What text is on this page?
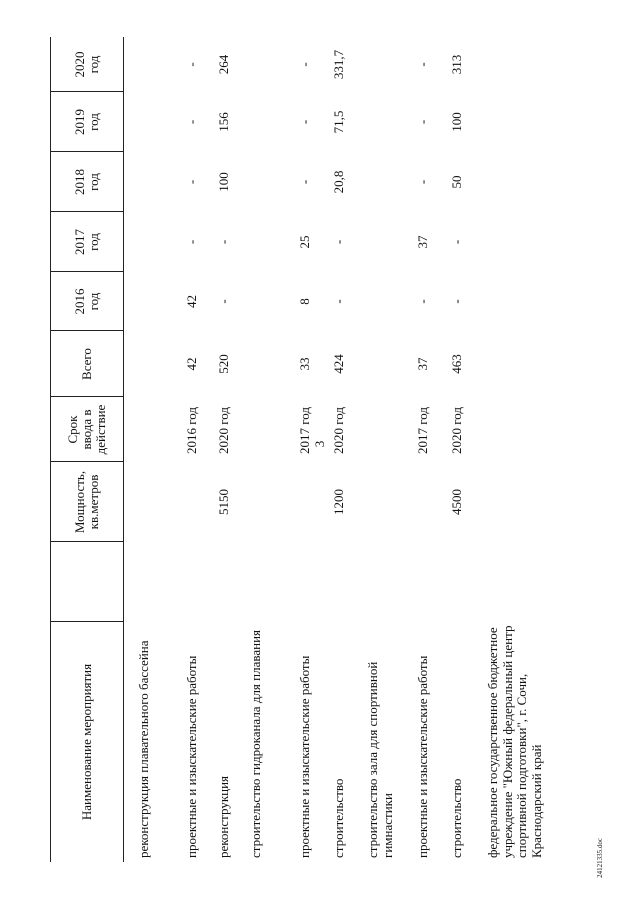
3
24121335.doc
Наименование мероприятия
Мощность, кв.метров
Срок ввода в действие
Всего
2016 год
2017 год
2018 год
2019 год
2020 год
реконструкция плавательного бассейна	проектные и изыскательские работы
2016 год
42
42
-
-
-
-
реконструкция
5150
2020 год
520
-
-
100
156
264
строительство гидроканала для плавания	проектные и изыскательские работы
2017 год
33
8
25
-
-
-
строительство
1200
2020 год
424
-
-
20,8
71,5
331,7
строительство зала для спортивной гимнастики проектные и изыскательские работы
2017 год
37
-
37
-
-
-
строительство
4500
2020 год
463
-
-
50
100
313
федеральное государственное бюджетное учреждение "Южный федеральный центр спортивной подготовки", г. Сочи, Краснодарский край
